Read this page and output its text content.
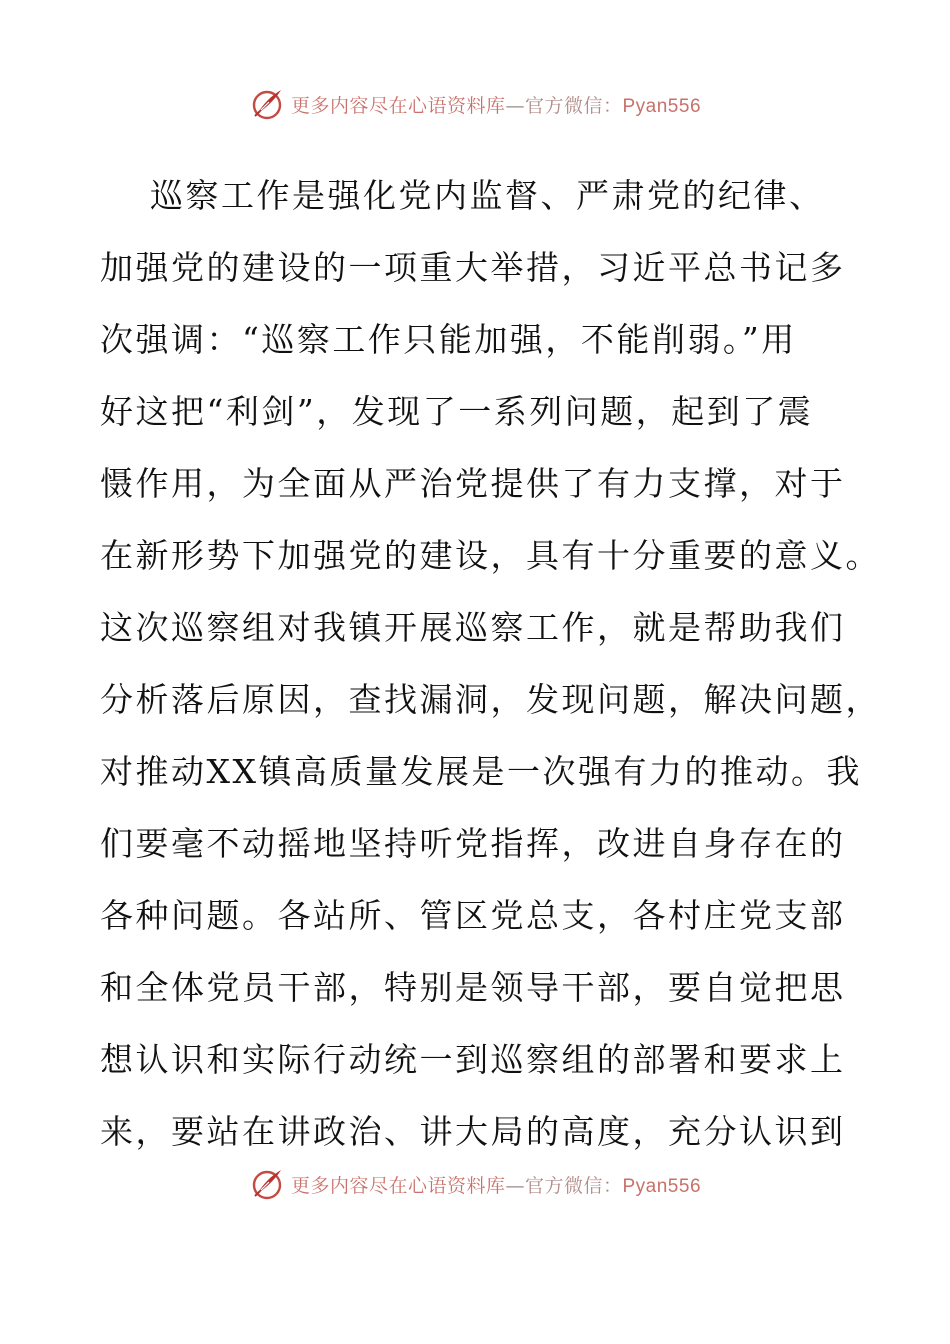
更多内容尽在心语资料库—官方微信：Pyan556
巡察工作是强化党内监督、严肃党的纪律、
加强党的建设的一项重大举措，习近平总书记多
次强调：“巡察工作只能加强，不能削弱。”用
好这把“利剑”，发现了一系列问题，起到了震
慑作用，为全面从严治党提供了有力支撑，对于
在新形势下加强党的建设，具有十分重要的意义。
这次巡察组对我镇开展巡察工作，就是帮助我们
分析落后原因，查找漏洞，发现问题，解决问题，
对推动XX镇高质量发展是一次强有力的推动。我
们要毫不动摇地坚持听党指挥，改进自身存在的
各种问题。各站所、管区党总支，各村庄党支部
和全体党员干部，特别是领导干部，要自觉把思
想认识和实际行动统一到巡察组的部署和要求上
来，要站在讲政治、讲大局的高度，充分认识到
更多内容尽在心语资料库—官方微信：Pyan556
